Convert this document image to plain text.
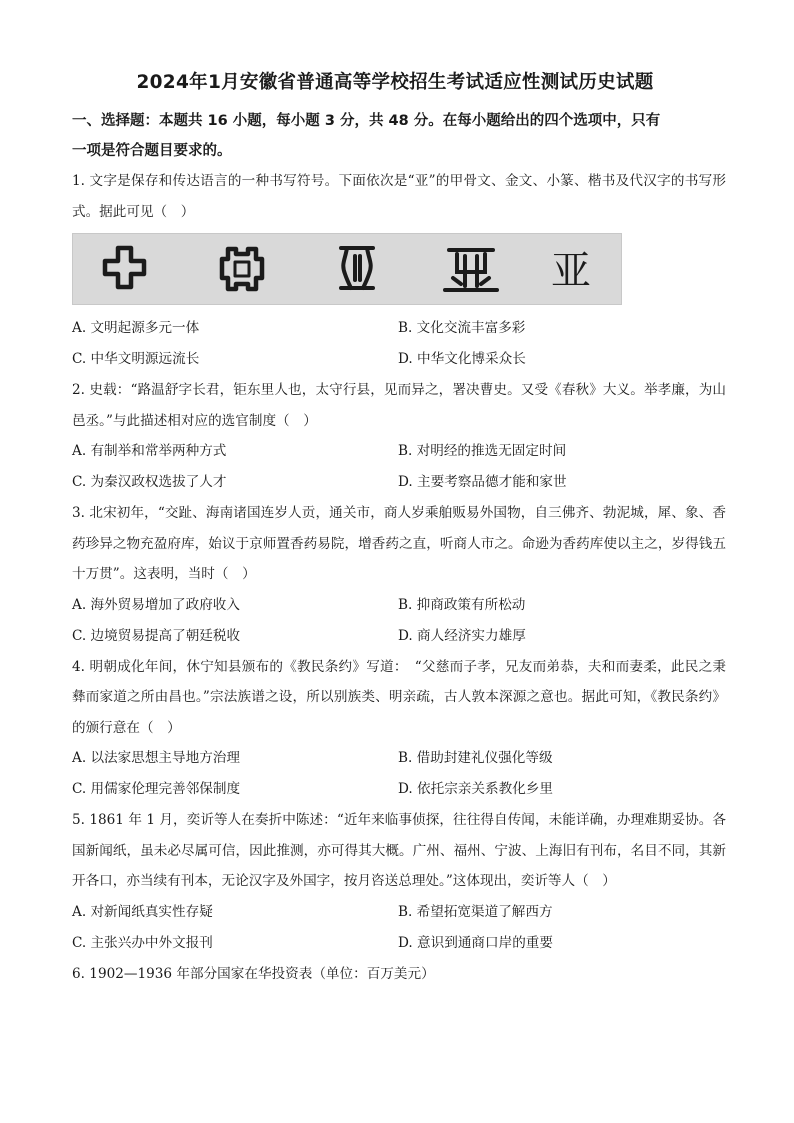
2024年1月安徽省普通高等学校招生考试适应性测试历史试题

一、选择题：本题共 16 小题，每小题 3 分，共 48 分。在每小题给出的四个选项中，只有

一项是符合题目要求的。

1. 文字是保存和传达语言的一种书写符号。下面依次是“亚”的甲骨文、金文、小篆、楷书及代汉字的书写形式。据此可见（　）

亚
A. 文明起源多元一体	B. 文化交流丰富多彩
C. 中华文明源远流长	D. 中华文化博采众长

2. 史载：“路温舒字长君，钜东里人也，太守行县，见而异之，署决曹史。又受《春秋》大义。举孝廉，为山邑丞。”与此描述相对应的选官制度（　）

A. 有制举和常举两种方式	B. 对明经的推选无固定时间
C. 为秦汉政权选拔了人才	D. 主要考察品德才能和家世

3. 北宋初年，“交趾、海南诸国连岁人贡，通关市，商人岁乘舶贩易外国物，自三佛齐、勃泥城，犀、象、香药珍异之物充盈府库，始议于京师置香药易院，增香药之直，听商人市之。命逊为香药库使以主之，岁得钱五十万贯”。这表明，当时（　）

A. 海外贸易增加了政府收入	B. 抑商政策有所松动
C. 边境贸易提高了朝廷税收	D. 商人经济实力雄厚

4. 明朝成化年间，休宁知县颁布的《教民条约》写道：　“父慈而子孝，兄友而弟恭，夫和而妻柔，此民之秉彝而家道之所由昌也。”宗法族谱之设，所以别族类、明亲疏，古人敦本深源之意也。据此可知，《教民条约》的颁行意在（　）

A. 以法家思想主导地方治理	B. 借助封建礼仪强化等级
C. 用儒家伦理完善邻保制度	D. 依托宗亲关系教化乡里

5. 1861 年 1 月，奕䜣等人在奏折中陈述：“近年来临事侦探，往往得自传闻，未能详确，办理难期妥协。各国新闻纸，虽未必尽属可信，因此推测，亦可得其大概。广州、福州、宁波、上海旧有刊布，名目不同，其新开各口，亦当续有刊本，无论汉字及外国字，按月咨送总理处。”这体现出，奕䜣等人（　）

A. 对新闻纸真实性存疑	B. 希望拓宽渠道了解西方
C. 主张兴办中外文报刊	D. 意识到通商口岸的重要

6. 1902—1936 年部分国家在华投资表（单位：百万美元）
